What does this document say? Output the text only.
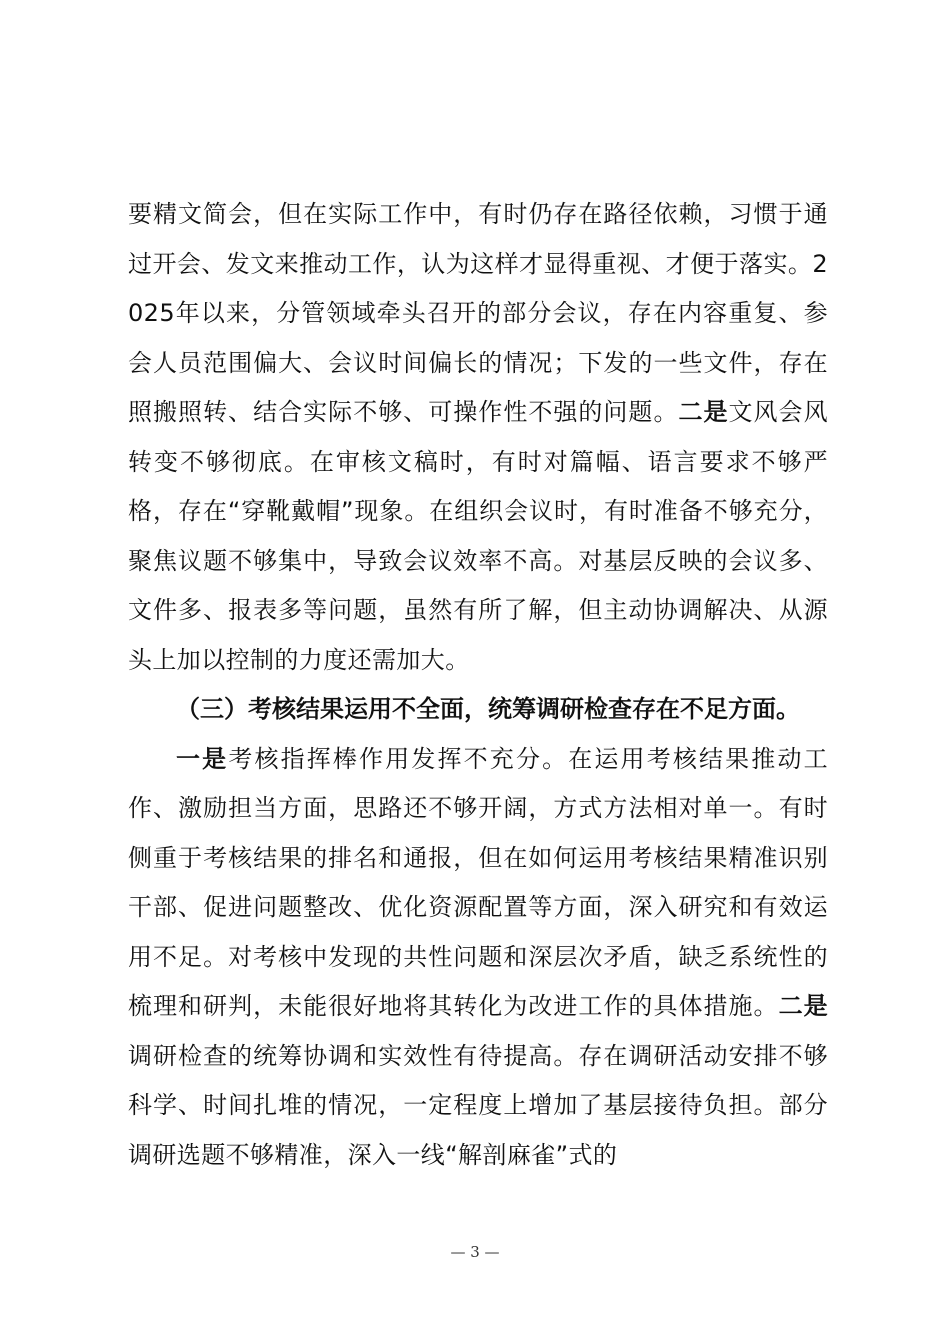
要精文简会，但在实际工作中，有时仍存在路径依赖，习惯于通过开会、发文来推动工作，认为这样才显得重视、才便于落实。2025年以来，分管领域牵头召开的部分会议，存在内容重复、参会人员范围偏大、会议时间偏长的情况；下发的一些文件，存在照搬照转、结合实际不够、可操作性不强的问题。二是文风会风转变不够彻底。在审核文稿时，有时对篇幅、语言要求不够严格，存在“穿靴戴帽”现象。在组织会议时，有时准备不够充分，聚焦议题不够集中，导致会议效率不高。对基层反映的会议多、文件多、报表多等问题，虽然有所了解，但主动协调解决、从源头上加以控制的力度还需加大。

（三）考核结果运用不全面，统筹调研检查存在不足方面。

一是考核指挥棒作用发挥不充分。在运用考核结果推动工作、激励担当方面，思路还不够开阔，方式方法相对单一。有时侧重于考核结果的排名和通报，但在如何运用考核结果精准识别干部、促进问题整改、优化资源配置等方面，深入研究和有效运用不足。对考核中发现的共性问题和深层次矛盾，缺乏系统性的梳理和研判，未能很好地将其转化为改进工作的具体措施。二是调研检查的统筹协调和实效性有待提高。存在调研活动安排不够科学、时间扎堆的情况，一定程度上增加了基层接待负担。部分调研选题不够精准，深入一线“解剖麻雀”式的

— 3 —
